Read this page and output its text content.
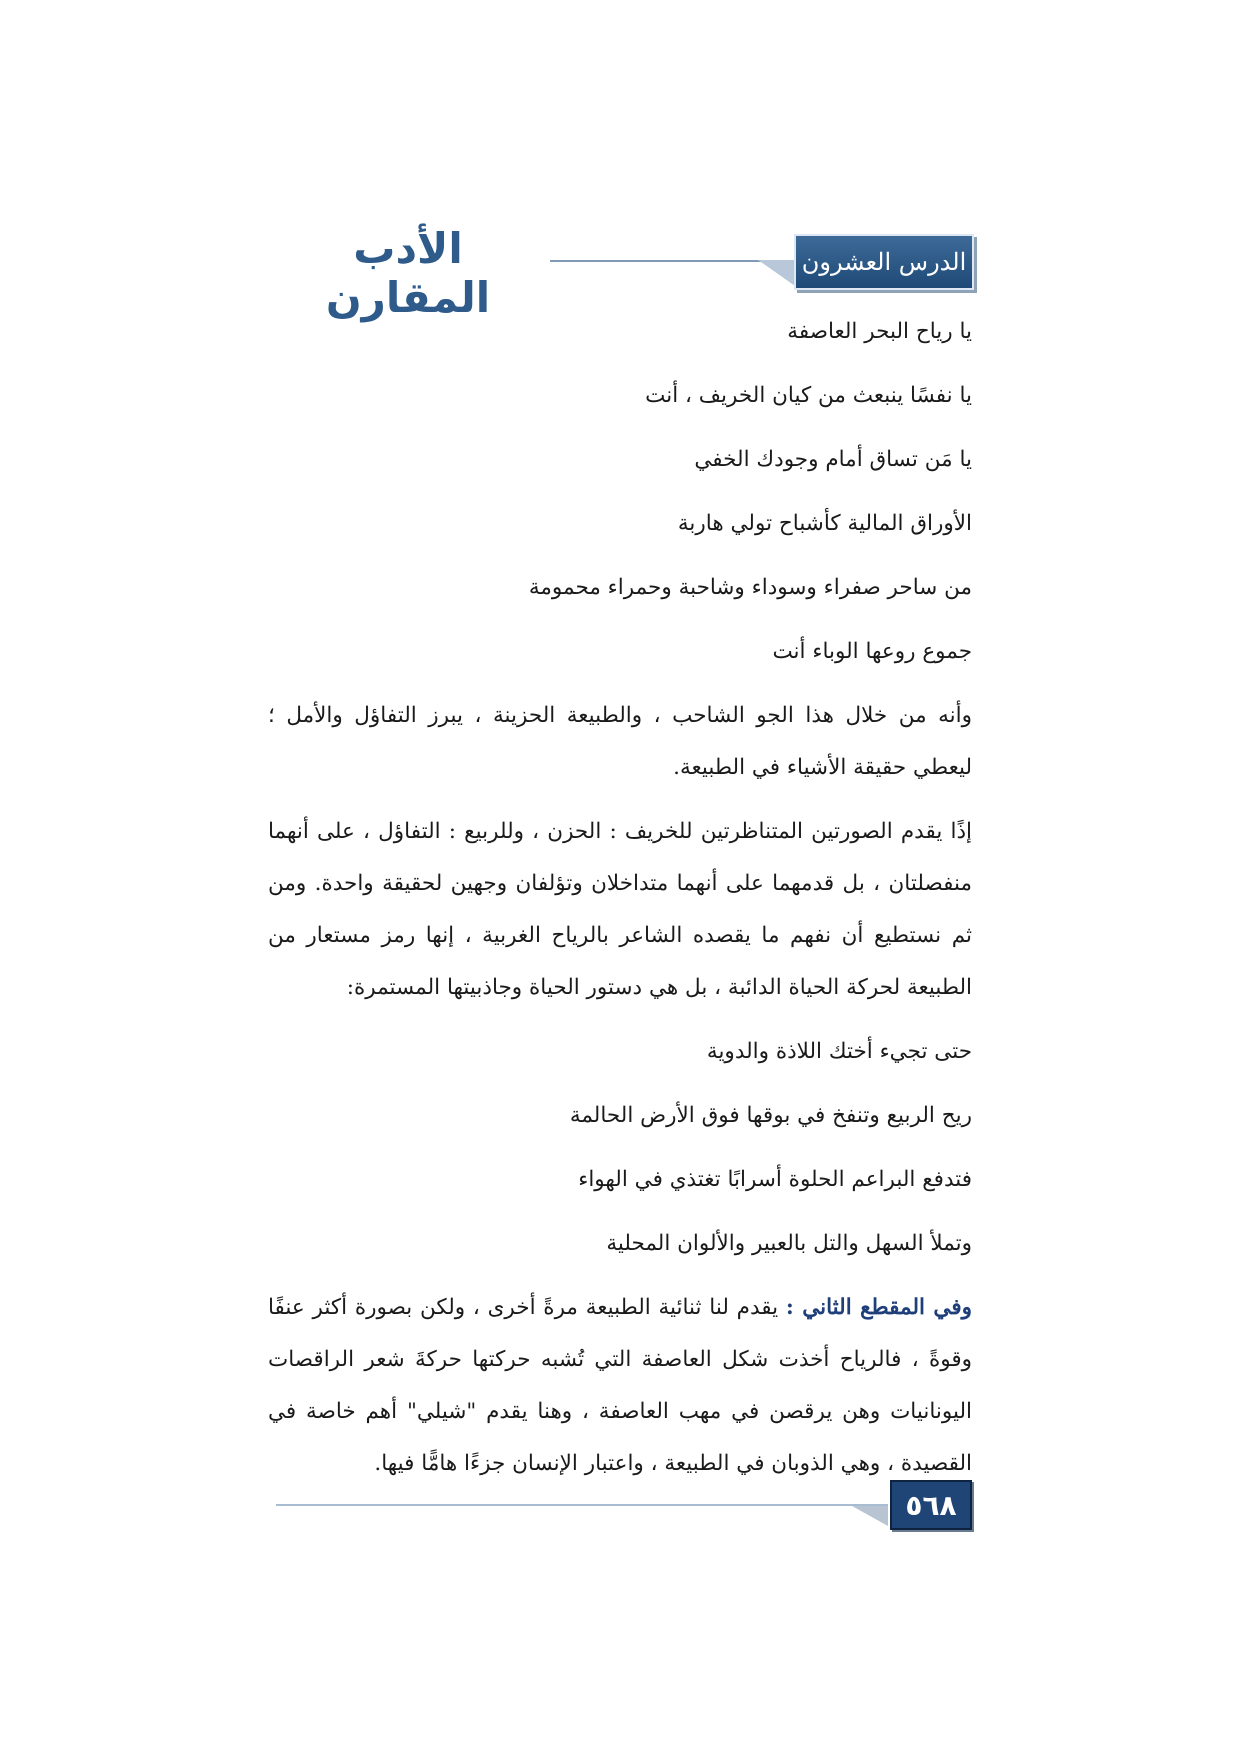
الأدب المقارن
الدرس العشرون

يا رياح البحر العاصفة

يا نفسًا ينبعث من كيان الخريف ، أنت

يا مَن تساق أمام وجودك الخفي

الأوراق المالية كأشباح تولي هاربة

من ساحر صفراء وسوداء وشاحبة وحمراء محمومة

جموع روعها الوباء أنت

وأنه من خلال هذا الجو الشاحب ، والطبيعة الحزينة ، يبرز التفاؤل والأمل ؛ ليعطي حقيقة الأشياء في الطبيعة.

إذًا يقدم الصورتين المتناظرتين للخريف : الحزن ، وللربيع : التفاؤل ، على أنهما منفصلتان ، بل قدمهما على أنهما متداخلان وتؤلفان وجهين لحقيقة واحدة. ومن ثم نستطيع أن نفهم ما يقصده الشاعر بالرياح الغربية ، إنها رمز مستعار من الطبيعة لحركة الحياة الدائبة ، بل هي دستور الحياة وجاذبيتها المستمرة:

حتى تجيء أختك اللاذة والدوية

ريح الربيع وتنفخ في بوقها فوق الأرض الحالمة

فتدفع البراعم الحلوة أسرابًا تغتذي في الهواء

وتملأ السهل والتل بالعبير والألوان المحلية

وفي المقطع الثاني : يقدم لنا ثنائية الطبيعة مرةً أخرى ، ولكن بصورة أكثر عنفًا وقوةً ، فالرياح أخذت شكل العاصفة التي تُشبه حركتها حركةَ شعر الراقصات اليونانيات وهن يرقصن في مهب العاصفة ، وهنا يقدم "شيلي" أهم خاصة في القصيدة ، وهي الذوبان في الطبيعة ، واعتبار الإنسان جزءًا هامًّا فيها.

٥٦٨
